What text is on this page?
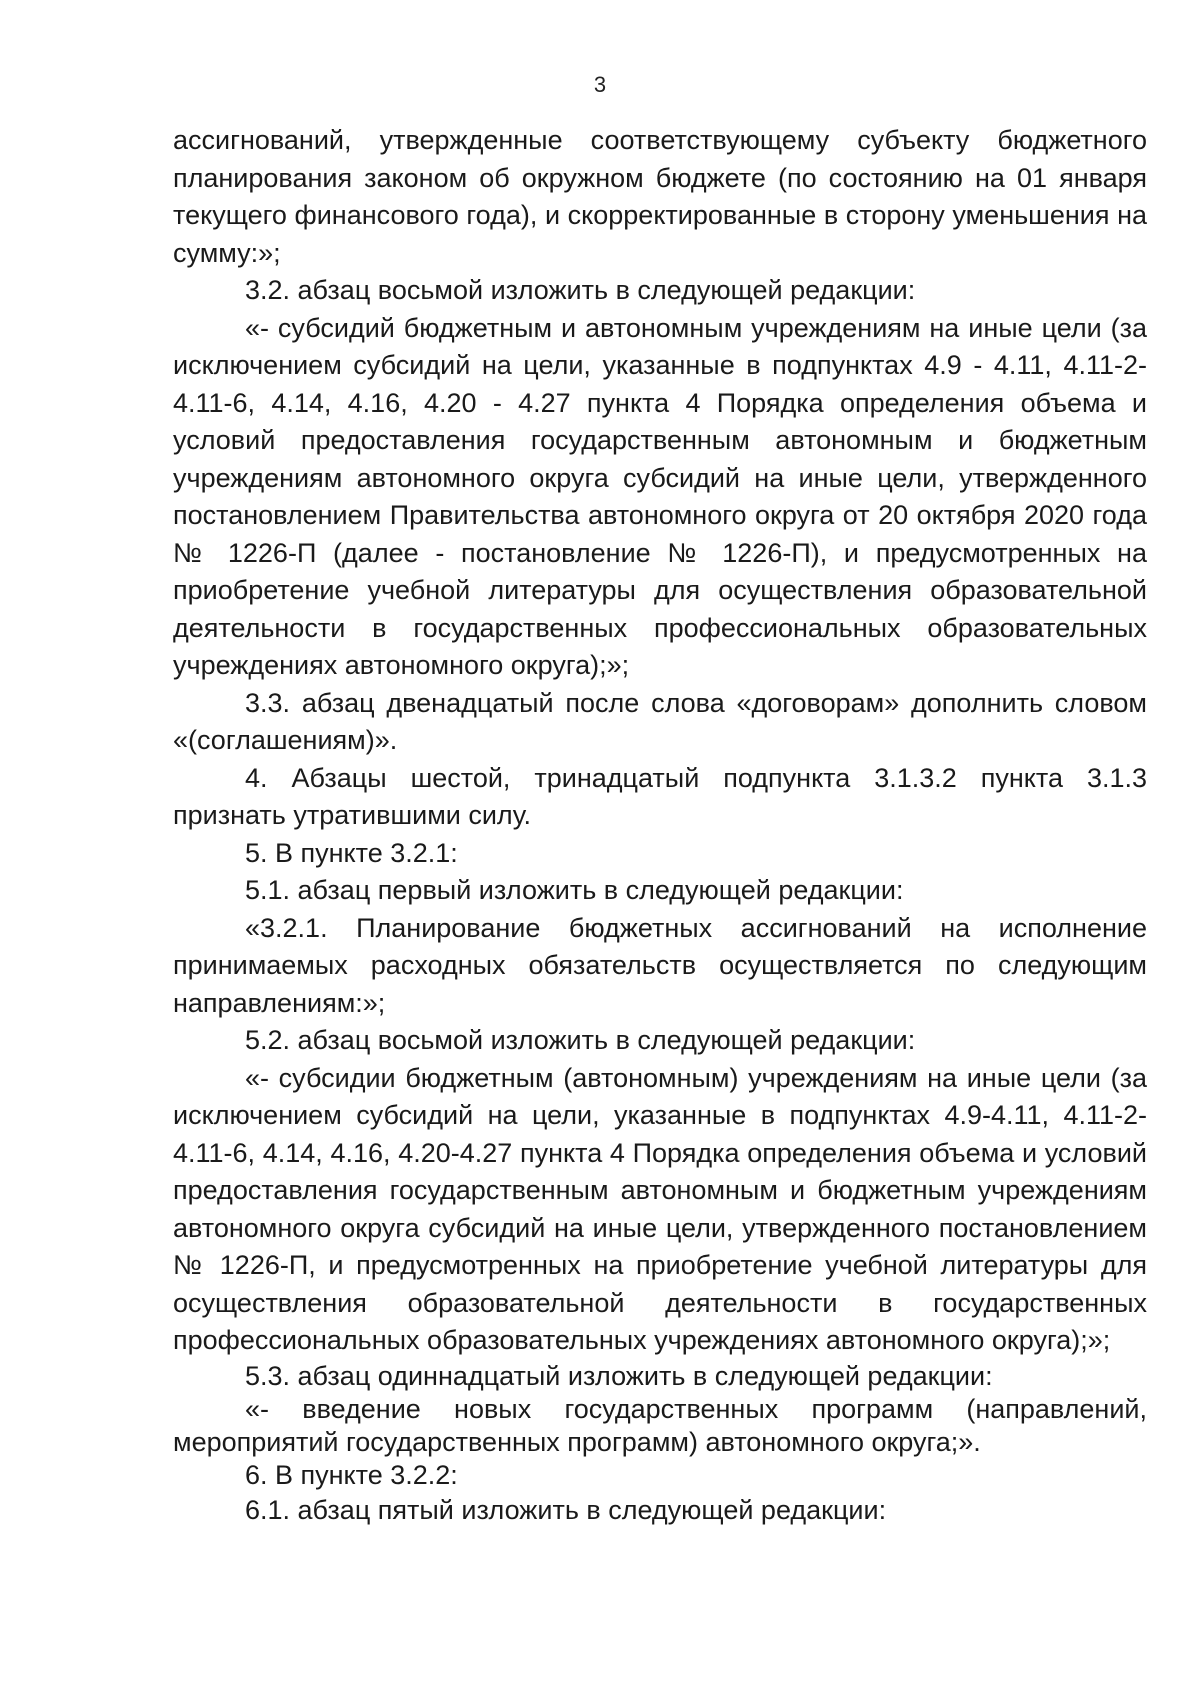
3

ассигнований, утвержденные соответствующему субъекту бюджетного планирования законом об окружном бюджете (по состоянию на 01 января текущего финансового года), и скорректированные в сторону уменьшения на сумму:»;

3.2. абзац восьмой изложить в следующей редакции:

«- субсидий бюджетным и автономным учреждениям на иные цели (за исключением субсидий на цели, указанные в подпунктах 4.9 - 4.11, 4.11-2-4.11-6, 4.14, 4.16, 4.20 - 4.27 пункта 4 Порядка определения объема и условий предоставления государственным автономным и бюджетным учреждениям автономного округа субсидий на иные цели, утвержденного постановлением Правительства автономного округа от 20 октября 2020 года № 1226-П (далее - постановление № 1226-П), и предусмотренных на приобретение учебной литературы для осуществления образовательной деятельности в государственных профессиональных образовательных учреждениях автономного округа);»;

3.3. абзац двенадцатый после слова «договорам» дополнить словом «(соглашениям)».

4. Абзацы шестой, тринадцатый подпункта 3.1.3.2 пункта 3.1.3 признать утратившими силу.

5. В пункте 3.2.1:

5.1. абзац первый изложить в следующей редакции:

«3.2.1. Планирование бюджетных ассигнований на исполнение принимаемых расходных обязательств осуществляется по следующим направлениям:»;

5.2. абзац восьмой изложить в следующей редакции:

«- субсидии бюджетным (автономным) учреждениям на иные цели (за исключением субсидий на цели, указанные в подпунктах 4.9-4.11, 4.11-2-4.11-6, 4.14, 4.16, 4.20-4.27 пункта 4 Порядка определения объема и условий предоставления государственным автономным и бюджетным учреждениям автономного округа субсидий на иные цели, утвержденного постановлением № 1226-П, и предусмотренных на приобретение учебной литературы для осуществления образовательной деятельности в государственных профессиональных образовательных учреждениях автономного округа);»;

5.3. абзац одиннадцатый изложить в следующей редакции:

«- введение новых государственных программ (направлений, мероприятий государственных программ) автономного округа;».

6. В пункте 3.2.2:

6.1. абзац пятый изложить в следующей редакции:
